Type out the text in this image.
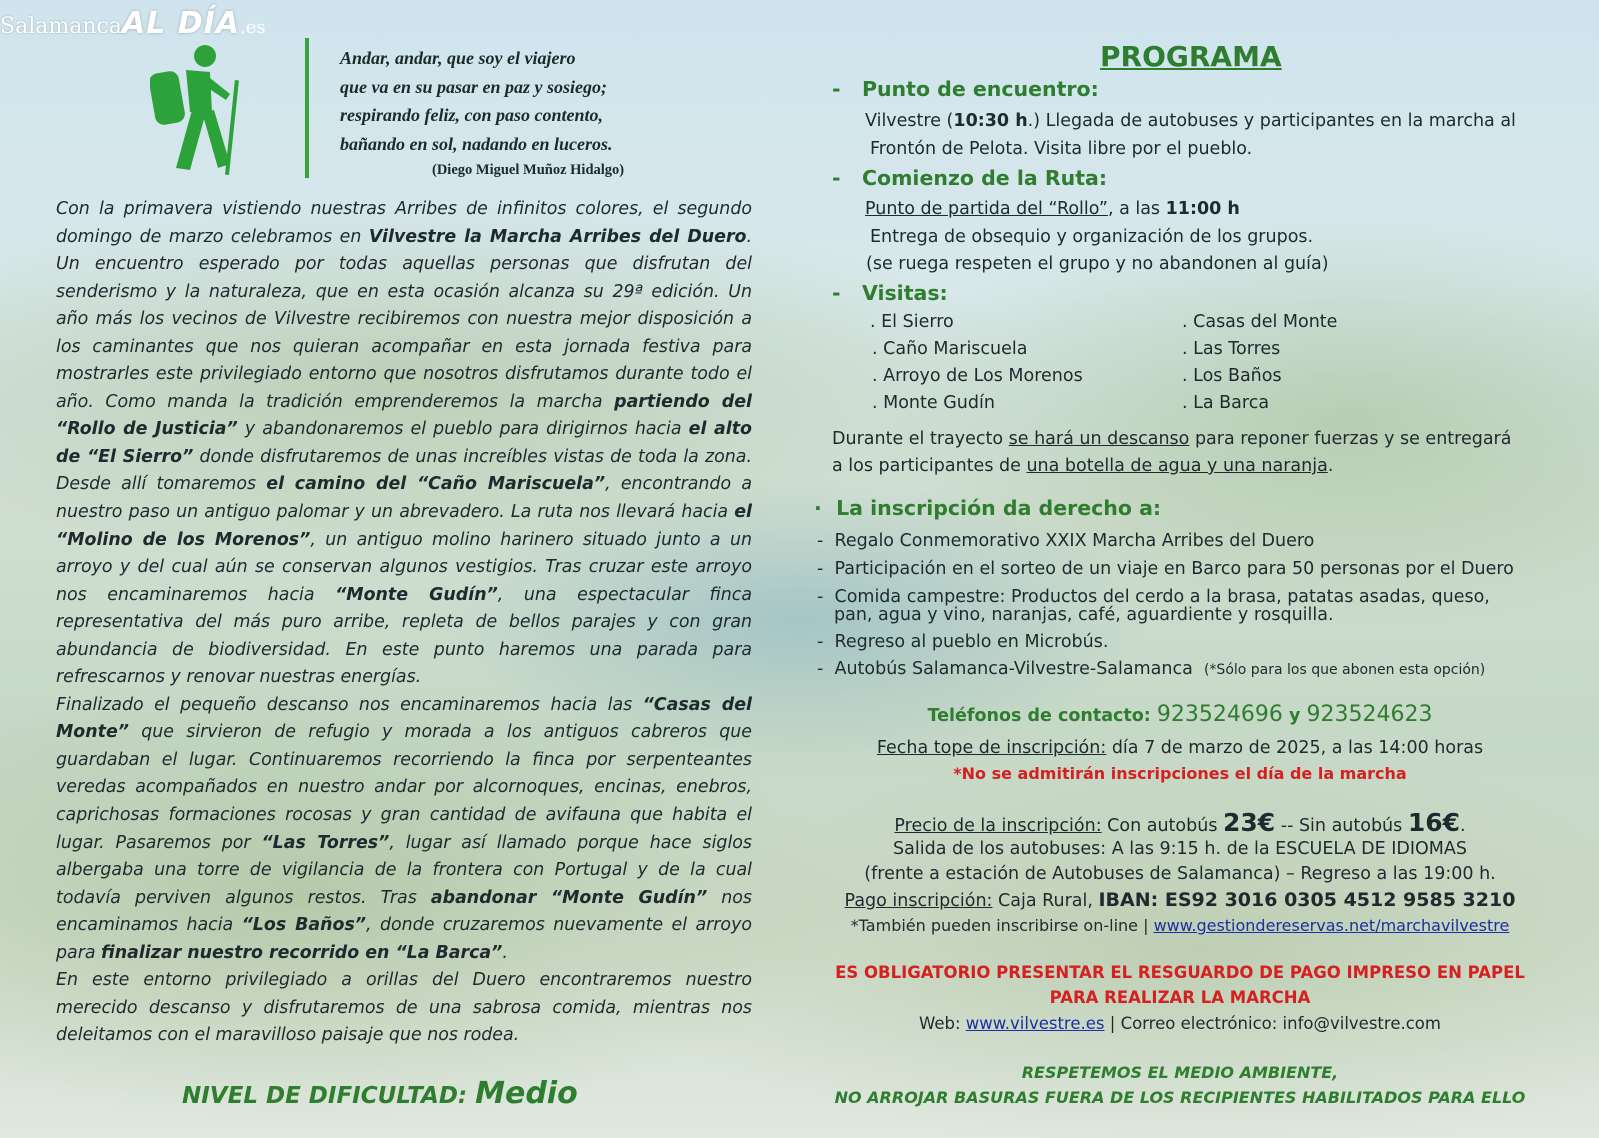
SalamancaAL DÍA.es
Andar, andar, que soy el viajero
que va en su pasar en paz y sosiego;
respirando feliz, con paso contento,
bañando en sol, nadando en luceros.
(Diego Miguel Muñoz Hidalgo)

Con la primavera vistiendo nuestras Arribes de infinitos colores, el segundo domingo de marzo celebramos en Vilvestre la Marcha Arribes del Duero. Un encuentro esperado por todas aquellas personas que disfrutan del senderismo y la naturaleza, que en esta ocasión alcanza su 29ª edición. Un año más los vecinos de Vilvestre recibiremos con nuestra mejor disposición a los caminantes que nos quieran acompañar en esta jornada festiva para mostrarles este privilegiado entorno que nosotros disfrutamos durante todo el año. Como manda la tradición emprenderemos la marcha partiendo del “Rollo de Justicia” y abandonaremos el pueblo para dirigirnos hacia el alto de “El Sierro” donde disfrutaremos de unas increíbles vistas de toda la zona. Desde allí tomaremos el camino del “Caño Mariscuela”, encontrando a nuestro paso un antiguo palomar y un abrevadero. La ruta nos llevará hacia el “Molino de los Morenos”, un antiguo molino harinero situado junto a un arroyo y del cual aún se conservan algunos vestigios. Tras cruzar este arroyo nos encaminaremos hacia “Monte Gudín”, una espectacular finca representativa del más puro arribe, repleta de bellos parajes y con gran abundancia de biodiversidad. En este punto haremos una parada para refrescarnos y renovar nuestras energías.

Finalizado el pequeño descanso nos encaminaremos hacia las “Casas del Monte” que sirvieron de refugio y morada a los antiguos cabreros que guardaban el lugar. Continuaremos recorriendo la finca por serpenteantes veredas acompañados en nuestro andar por alcornoques, encinas, enebros, caprichosas formaciones rocosas y gran cantidad de avifauna que habita el lugar. Pasaremos por “Las Torres”, lugar así llamado porque hace siglos albergaba una torre de vigilancia de la frontera con Portugal y de la cual todavía perviven algunos restos. Tras abandonar “Monte Gudín” nos encaminamos hacia “Los Baños”, donde cruzaremos nuevamente el arroyo para finalizar nuestro recorrido en “La Barca”.

En este entorno privilegiado a orillas del Duero encontraremos nuestro merecido descanso y disfrutaremos de una sabrosa comida, mientras nos deleitamos con el maravilloso paisaje que nos rodea.

NIVEL DE DIFICULTAD: Medio
PROGRAMA
- Punto de encuentro:
Vilvestre (10:30 h.) Llegada de autobuses y participantes en la marcha al
Frontón de Pelota. Visita libre por el pueblo.
- Comienzo de la Ruta:
Punto de partida del “Rollo”, a las 11:00 h
Entrega de obsequio y organización de los grupos.
(se ruega respeten el grupo y no abandonen al guía)
- Visitas:
. El Sierro
. Caño Mariscuela
. Arroyo de Los Morenos
. Monte Gudín
. Casas del Monte
. Las Torres
. Los Baños
. La Barca
Durante el trayecto se hará un descanso para reponer fuerzas y se entregará
a los participantes de una botella de agua y una naranja.
· La inscripción da derecho a:
- Regalo Conmemorativo XXIX Marcha Arribes del Duero
- Participación en el sorteo de un viaje en Barco para 50 personas por el Duero
- Comida campestre: Productos del cerdo a la brasa, patatas asadas, queso,
pan, agua y vino, naranjas, café, aguardiente y rosquilla.
- Regreso al pueblo en Microbús.
- Autobús Salamanca-Vilvestre-Salamanca (*Sólo para los que abonen esta opción)
Teléfonos de contacto: 923524696 y 923524623
Fecha tope de inscripción: día 7 de marzo de 2025, a las 14:00 horas
*No se admitirán inscripciones el día de la marcha
Precio de la inscripción: Con autobús 23€ -- Sin autobús 16€.
Salida de los autobuses: A las 9:15 h. de la ESCUELA DE IDIOMAS
(frente a estación de Autobuses de Salamanca) – Regreso a las 19:00 h.
Pago inscripción: Caja Rural, IBAN: ES92 3016 0305 4512 9585 3210
*También pueden inscribirse on-line | www.gestiondereservas.net/marchavilvestre
ES OBLIGATORIO PRESENTAR EL RESGUARDO DE PAGO IMPRESO EN PAPEL
PARA REALIZAR LA MARCHA
Web: www.vilvestre.es | Correo electrónico: info@vilvestre.com
RESPETEMOS EL MEDIO AMBIENTE,
NO ARROJAR BASURAS FUERA DE LOS RECIPIENTES HABILITADOS PARA ELLO
